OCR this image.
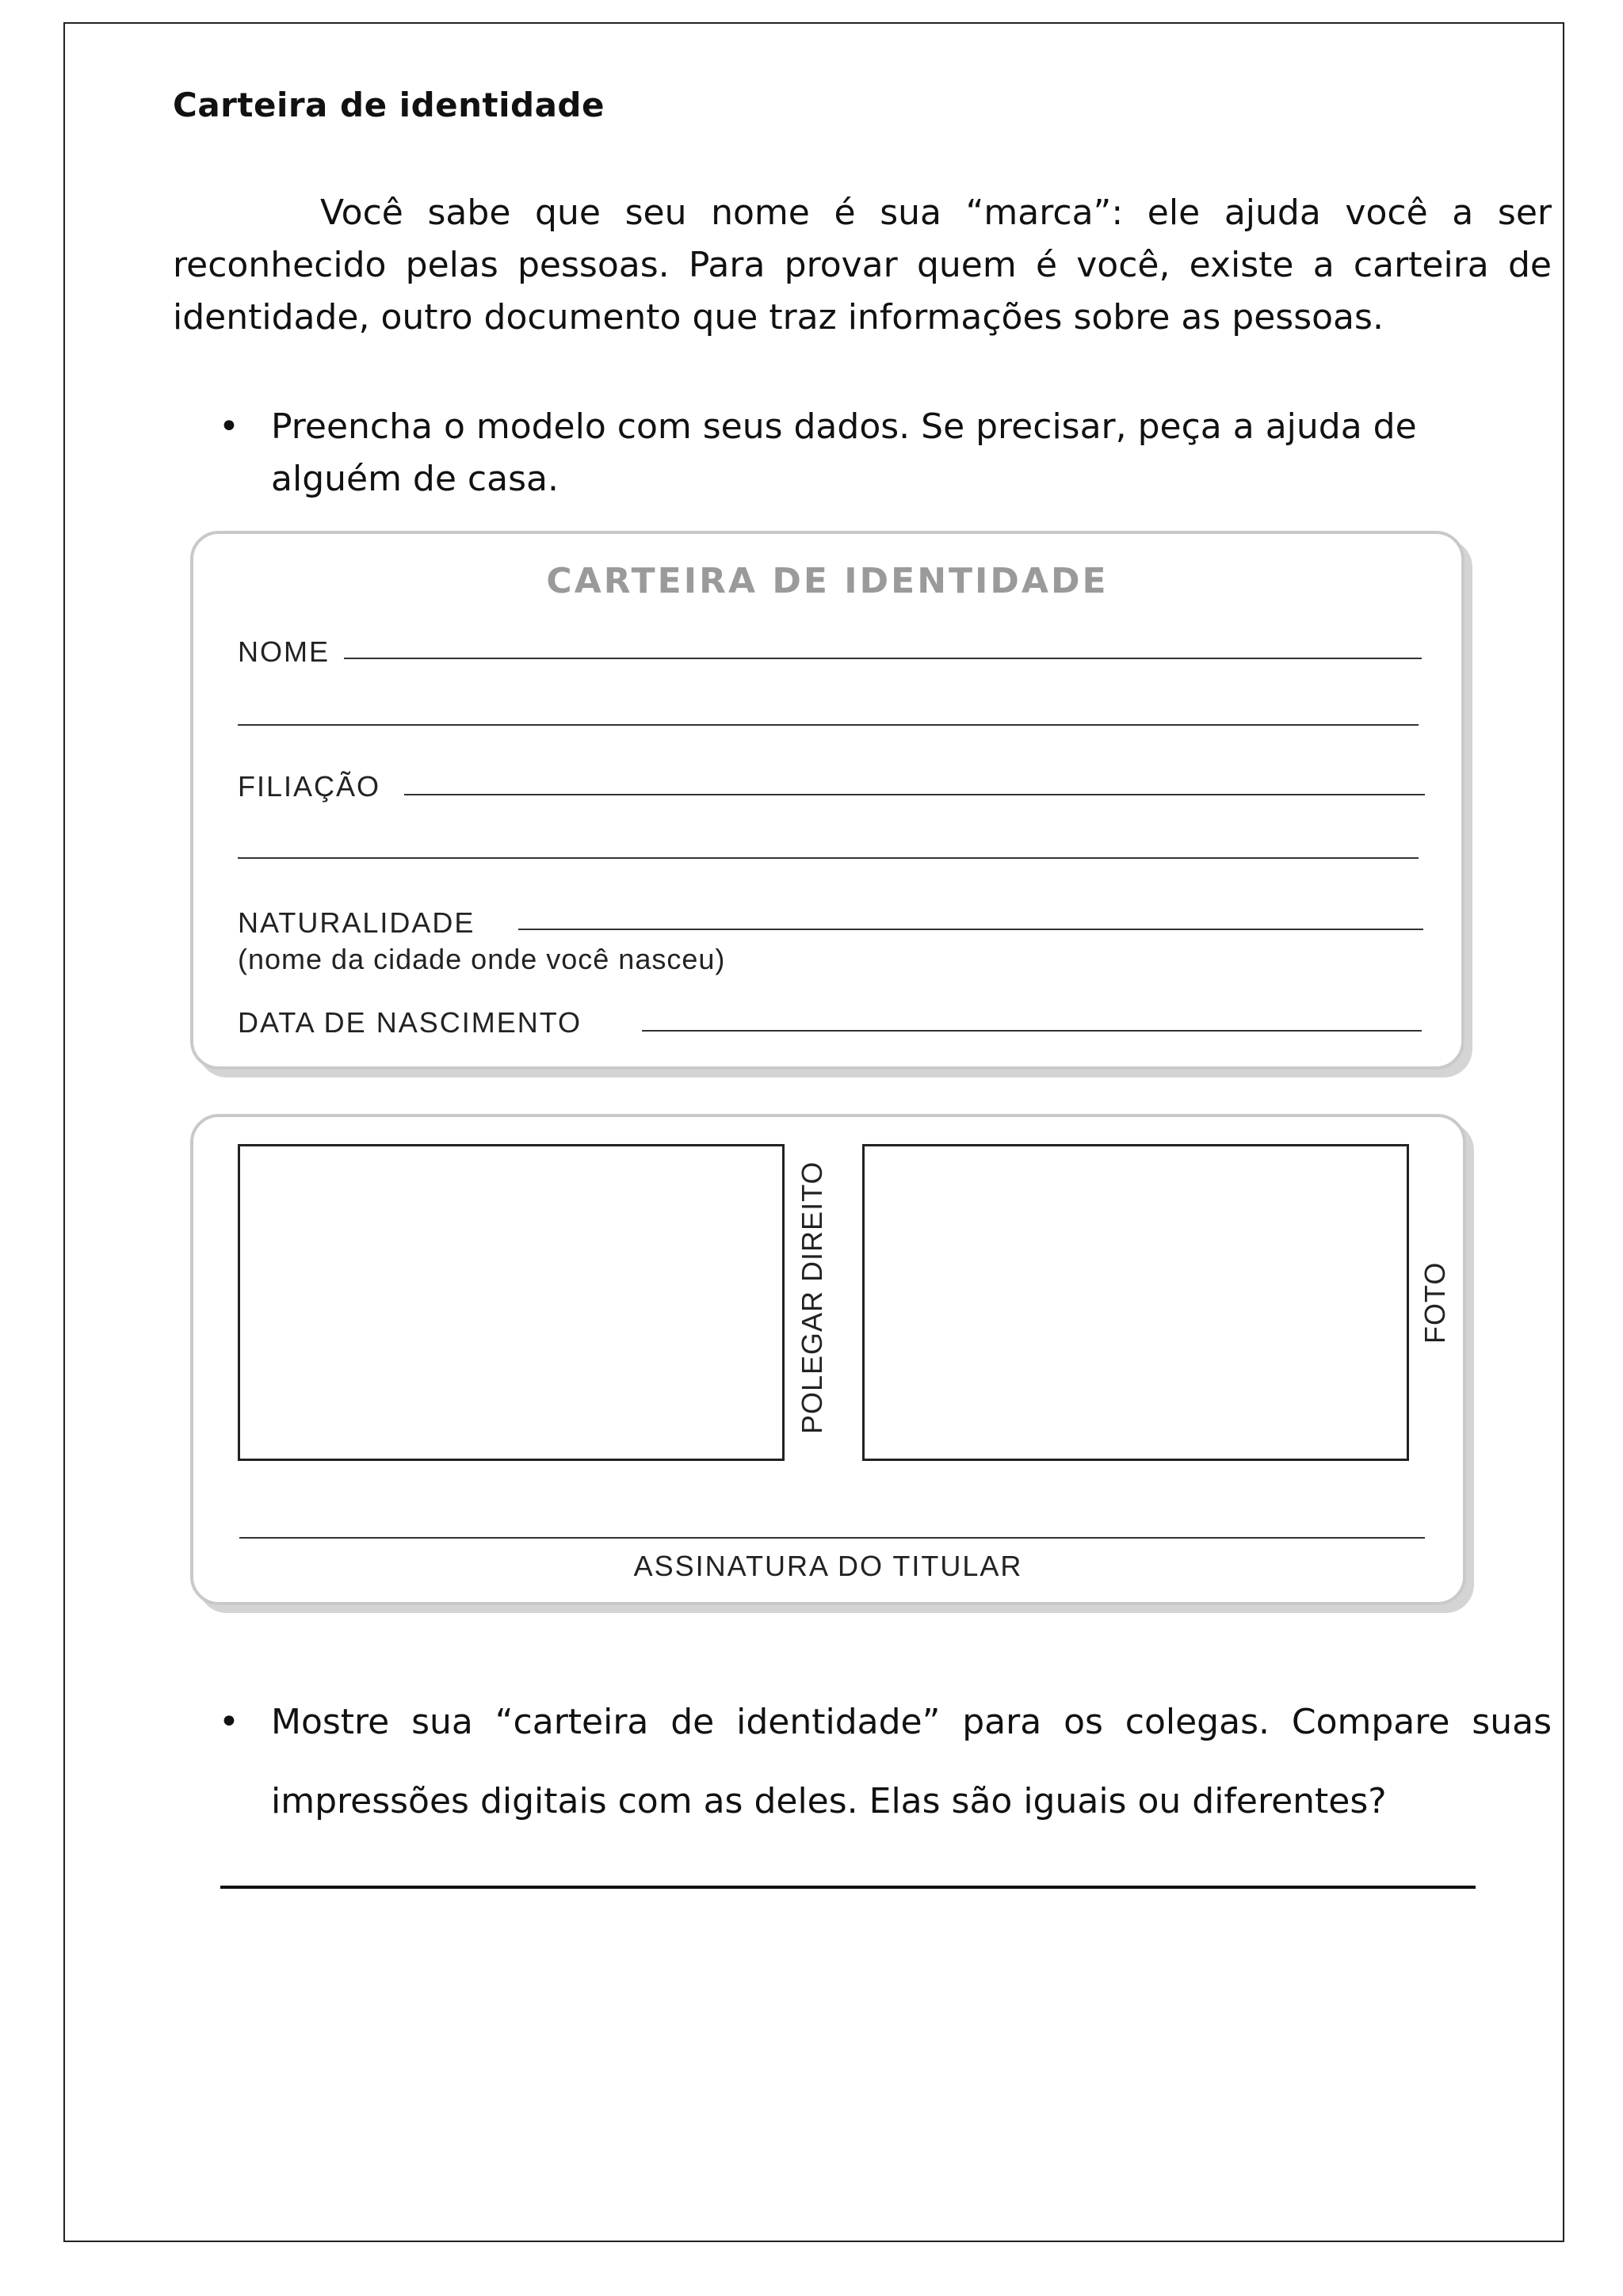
Carteira de identidade

Você sabe que seu nome é sua “marca”: ele ajuda você a ser reconhecido pelas pessoas. Para provar quem é você, existe a carteira de identidade, outro documento que traz informações sobre as pessoas.

• Preencha o modelo com seus dados. Se precisar, peça a ajuda de alguém de casa.

CARTEIRA DE IDENTIDADE
NOME
FILIAÇÃO
NATURALIDADE
(nome da cidade onde você nasceu)
DATA DE NASCIMENTO
POLEGAR DIREITO	FOTO
ASSINATURA DO TITULAR
• Mostre sua “carteira de identidade” para os colegas. Compare suas impressões digitais com as deles. Elas são iguais ou diferentes?
